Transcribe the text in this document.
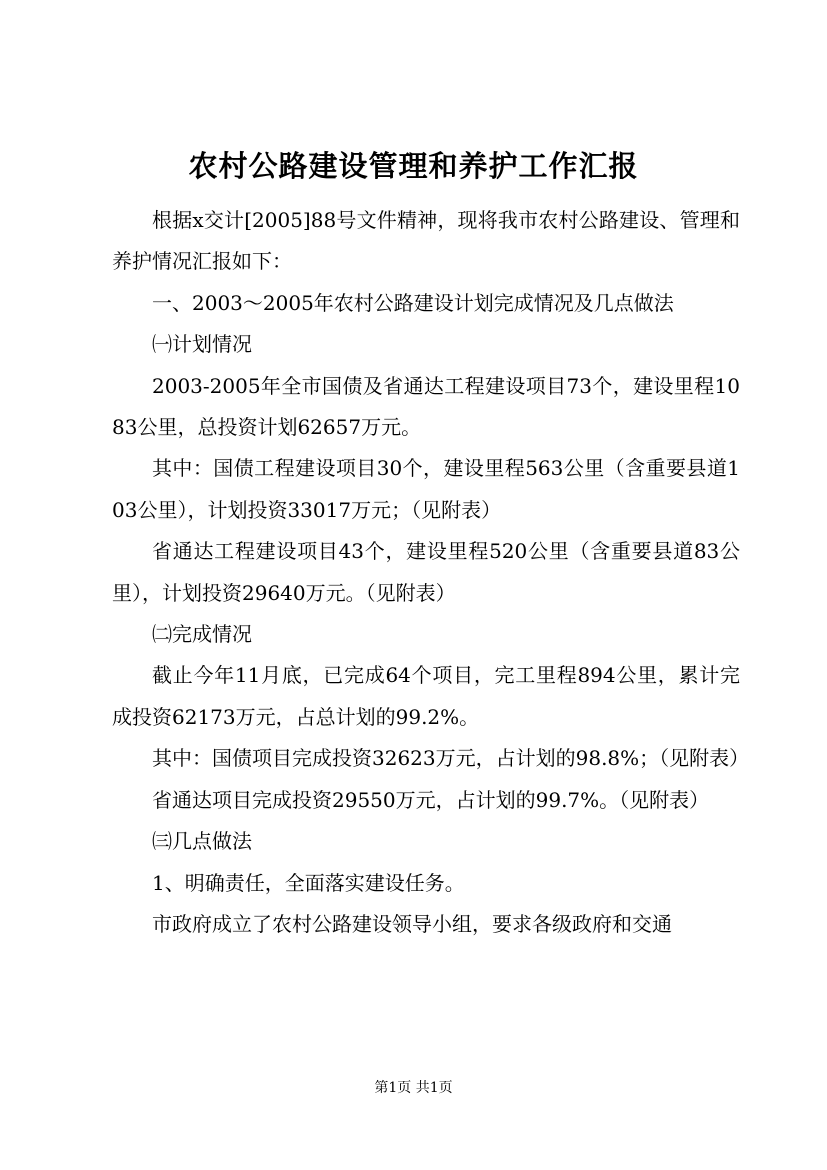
农村公路建设管理和养护工作汇报

根据x交计[2005]88号文件精神，现将我市农村公路建设、管理和养护情况汇报如下：

一、2003～2005年农村公路建设计划完成情况及几点做法

㈠计划情况

2003-2005年全市国债及省通达工程建设项目73个，建设里程1083公里，总投资计划62657万元。

其中：国债工程建设项目30个，建设里程563公里（含重要县道103公里），计划投资33017万元；（见附表）

省通达工程建设项目43个，建设里程520公里（含重要县道83公里），计划投资29640万元。（见附表）

㈡完成情况

截止今年11月底，已完成64个项目，完工里程894公里，累计完成投资62173万元，占总计划的99.2%。

其中：国债项目完成投资32623万元，占计划的98.8%；（见附表）

省通达项目完成投资29550万元，占计划的99.7%。（见附表）

㈢几点做法

1、明确责任，全面落实建设任务。

市政府成立了农村公路建设领导小组，要求各级政府和交通

第1页 共1页
